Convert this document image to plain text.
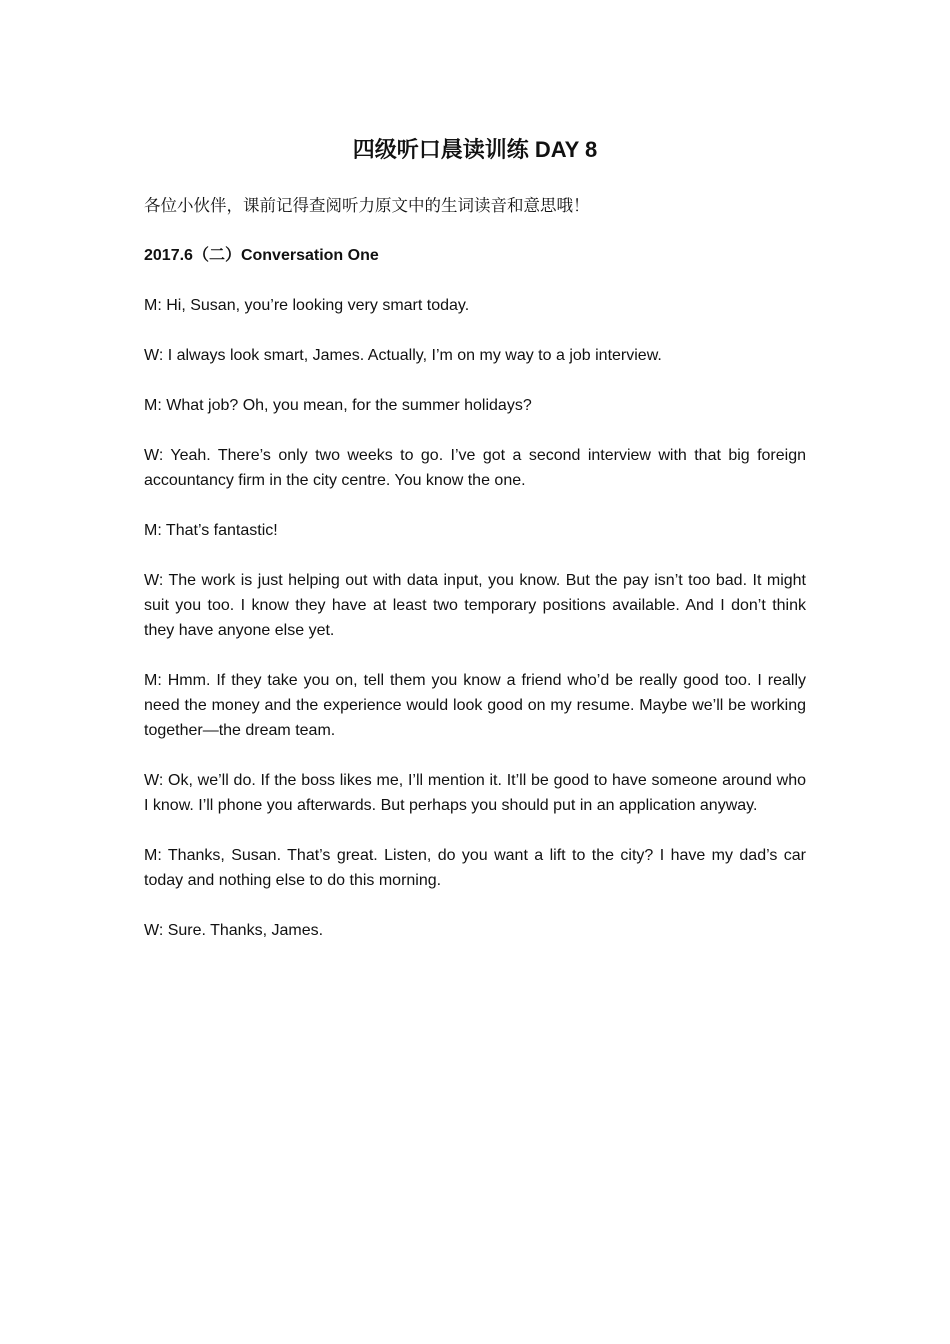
四级听口晨读训练 DAY 8
各位小伙伴，课前记得查阅听力原文中的生词读音和意思哦！
2017.6（二）Conversation One

M: Hi, Susan, you’re looking very smart today.

W: I always look smart, James. Actually, I’m on my way to a job interview.

M: What job? Oh, you mean, for the summer holidays?

W: Yeah. There’s only two weeks to go. I’ve got a second interview with that big foreign accountancy firm in the city centre. You know the one.

M: That’s fantastic!

W: The work is just helping out with data input, you know. But the pay isn’t too bad. It might suit you too. I know they have at least two temporary positions available. And I don’t think they have anyone else yet.

M: Hmm. If they take you on, tell them you know a friend who’d be really good too. I really need the money and the experience would look good on my resume. Maybe we’ll be working together—the dream team.

W: Ok, we’ll do. If the boss likes me, I’ll mention it. It’ll be good to have someone around who I know. I’ll phone you afterwards. But perhaps you should put in an application anyway.

M: Thanks, Susan. That’s great. Listen, do you want a lift to the city? I have my dad’s car today and nothing else to do this morning.

W: Sure. Thanks, James.
